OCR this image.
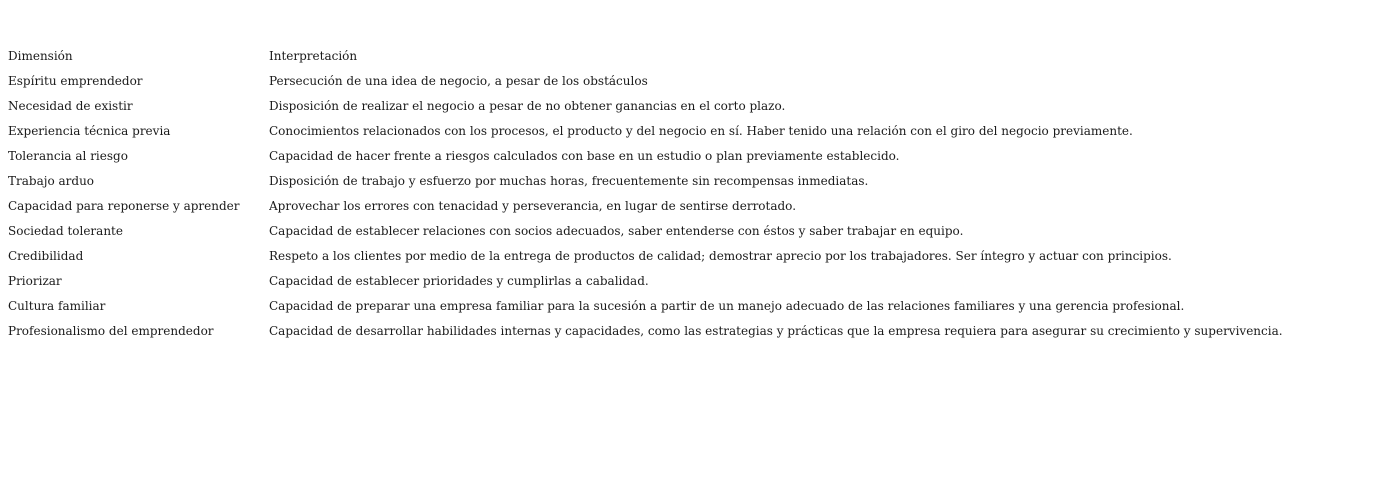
Dimensión	Interpretación
Espíritu emprendedor	Persecución de una idea de negocio, a pesar de los obstáculos
Necesidad de existir	Disposición de realizar el negocio a pesar de no obtener ganancias en el corto plazo.
Experiencia técnica previa	Conocimientos relacionados con los procesos, el producto y del negocio en sí. Haber tenido una relación con el giro del negocio previamente.
Tolerancia al riesgo	Capacidad de hacer frente a riesgos calculados con base en un estudio o plan previamente establecido.
Trabajo arduo	Disposición de trabajo y esfuerzo por muchas horas, frecuentemente sin recompensas inmediatas.
Capacidad para reponerse y aprender	Aprovechar los errores con tenacidad y perseverancia, en lugar de sentirse derrotado.
Sociedad tolerante	Capacidad de establecer relaciones con socios adecuados, saber entenderse con éstos y saber trabajar en equipo.
Credibilidad	Respeto a los clientes por medio de la entrega de productos de calidad; demostrar aprecio por los trabajadores. Ser íntegro y actuar con principios.
Priorizar	Capacidad de establecer prioridades y cumplirlas a cabalidad.
Cultura familiar	Capacidad de preparar una empresa familiar para la sucesión a partir de un manejo adecuado de las relaciones familiares y una gerencia profesional.
Profesionalismo del emprendedor	Capacidad de desarrollar habilidades internas y capacidades, como las estrategias y prácticas que la empresa requiera para asegurar su crecimiento y supervivencia.
